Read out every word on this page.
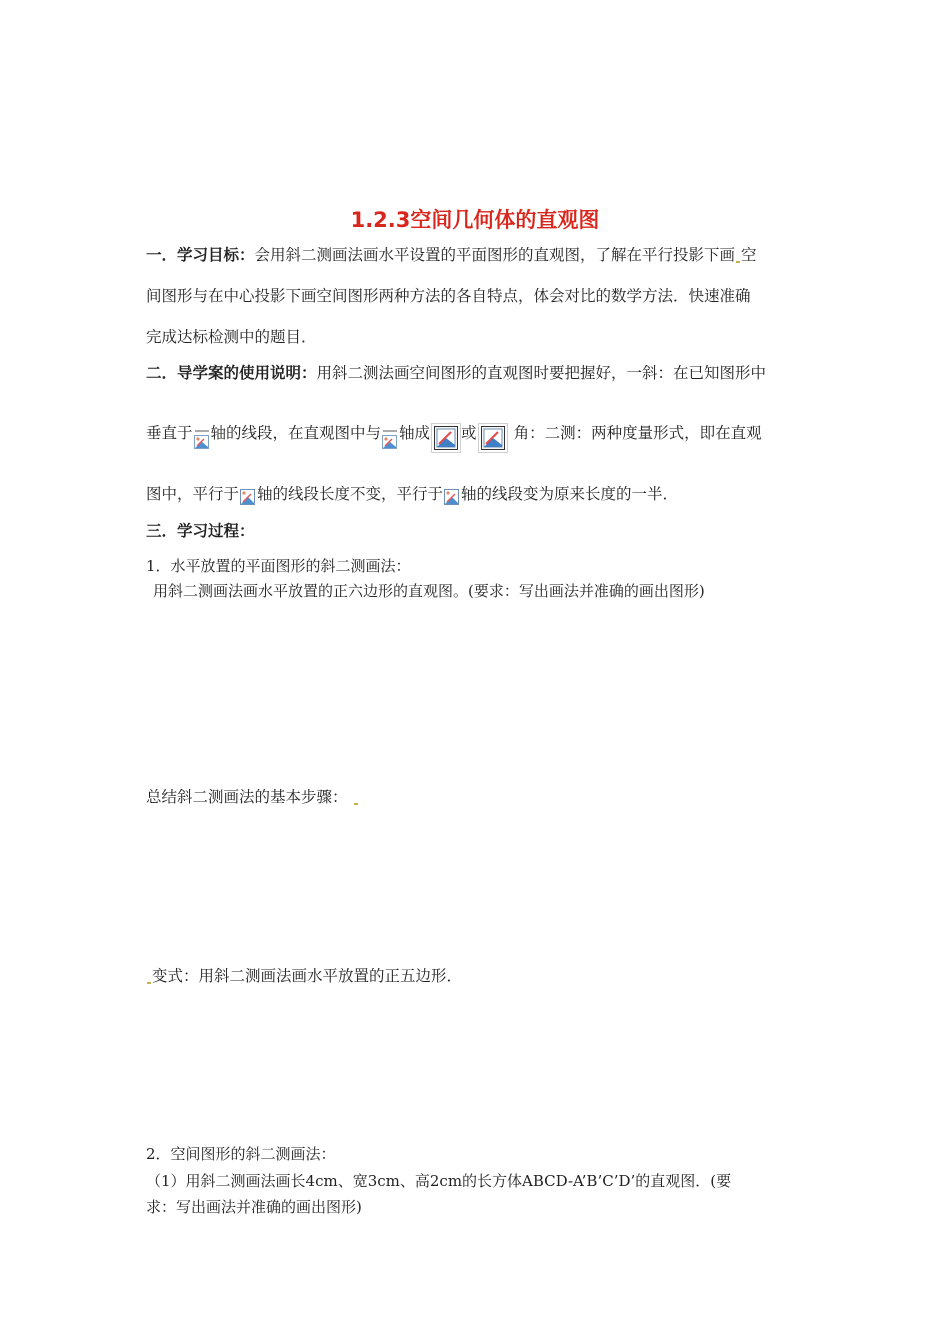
1.2.3空间几何体的直观图
一．学习目标：会用斜二测画法画水平设置的平面图形的直观图，了解在平行投影下画 空
间图形与在中心投影下画空间图形两种方法的各自特点，体会对比的数学方法．快速准确
完成达标检测中的题目．
二．导学案的使用说明：用斜二测法画空间图形的直观图时要把握好，一斜：在已知图形中
垂直于 轴的线段，在直观图中与 轴成 或 角：二测：两种度量形式，即在直观
图中，平行于 轴的线段长度不变，平行于 轴的线段变为原来长度的一半．
三．学习过程：
1．水平放置的平面图形的斜二测画法：
用斜二测画法画水平放置的正六边形的直观图。(要求：写出画法并准确的画出图形)
总结斜二测画法的基本步骤：
变式：用斜二测画法画水平放置的正五边形．
2．空间图形的斜二测画法：
（1）用斜二测画法画长4cm、宽3cm、高2cm的长方体ABCD-A’B’C’D’的直观图．(要
求：写出画法并准确的画出图形)
